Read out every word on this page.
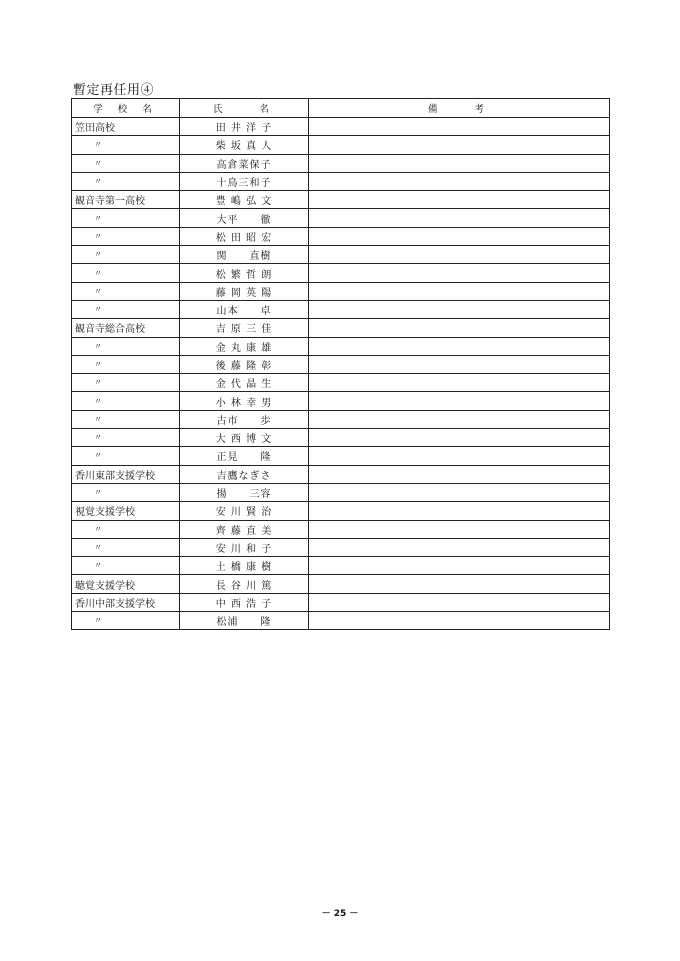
暫定再任用④
学 校 名	氏　　名	備　　考
笠田高校	田 井 洋 子	
〃	柴 坂 真 人	
〃	高倉菜保子	
〃	十鳥三和子	
観音寺第一高校	豊 嶋 弘 文	
〃	大平　　徹	
〃	松 田 昭 宏	
〃	関　　直樹	
〃	松 繁 哲 朗	
〃	藤 岡 英 陽	
〃	山本　　卓	
観音寺総合高校	吉 原 三 佳	
〃	金 丸 康 雄	
〃	後 藤 隆 彰	
〃	金 代 晶 生	
〃	小 林 幸 男	
〃	古市　　歩	
〃	大 西 博 文	
〃	正見　　隆	
香川東部支援学校	吉鷹なぎさ	
〃	揚　　三容	
視覚支援学校	安 川 賢 治	
〃	齊 藤 直 美	
〃	安 川 和 子	
〃	土 橋 康 樹	
聴覚支援学校	長 谷 川 篤	
香川中部支援学校	中 西 浩 子	
〃	松浦　　隆	
－ 25 －
